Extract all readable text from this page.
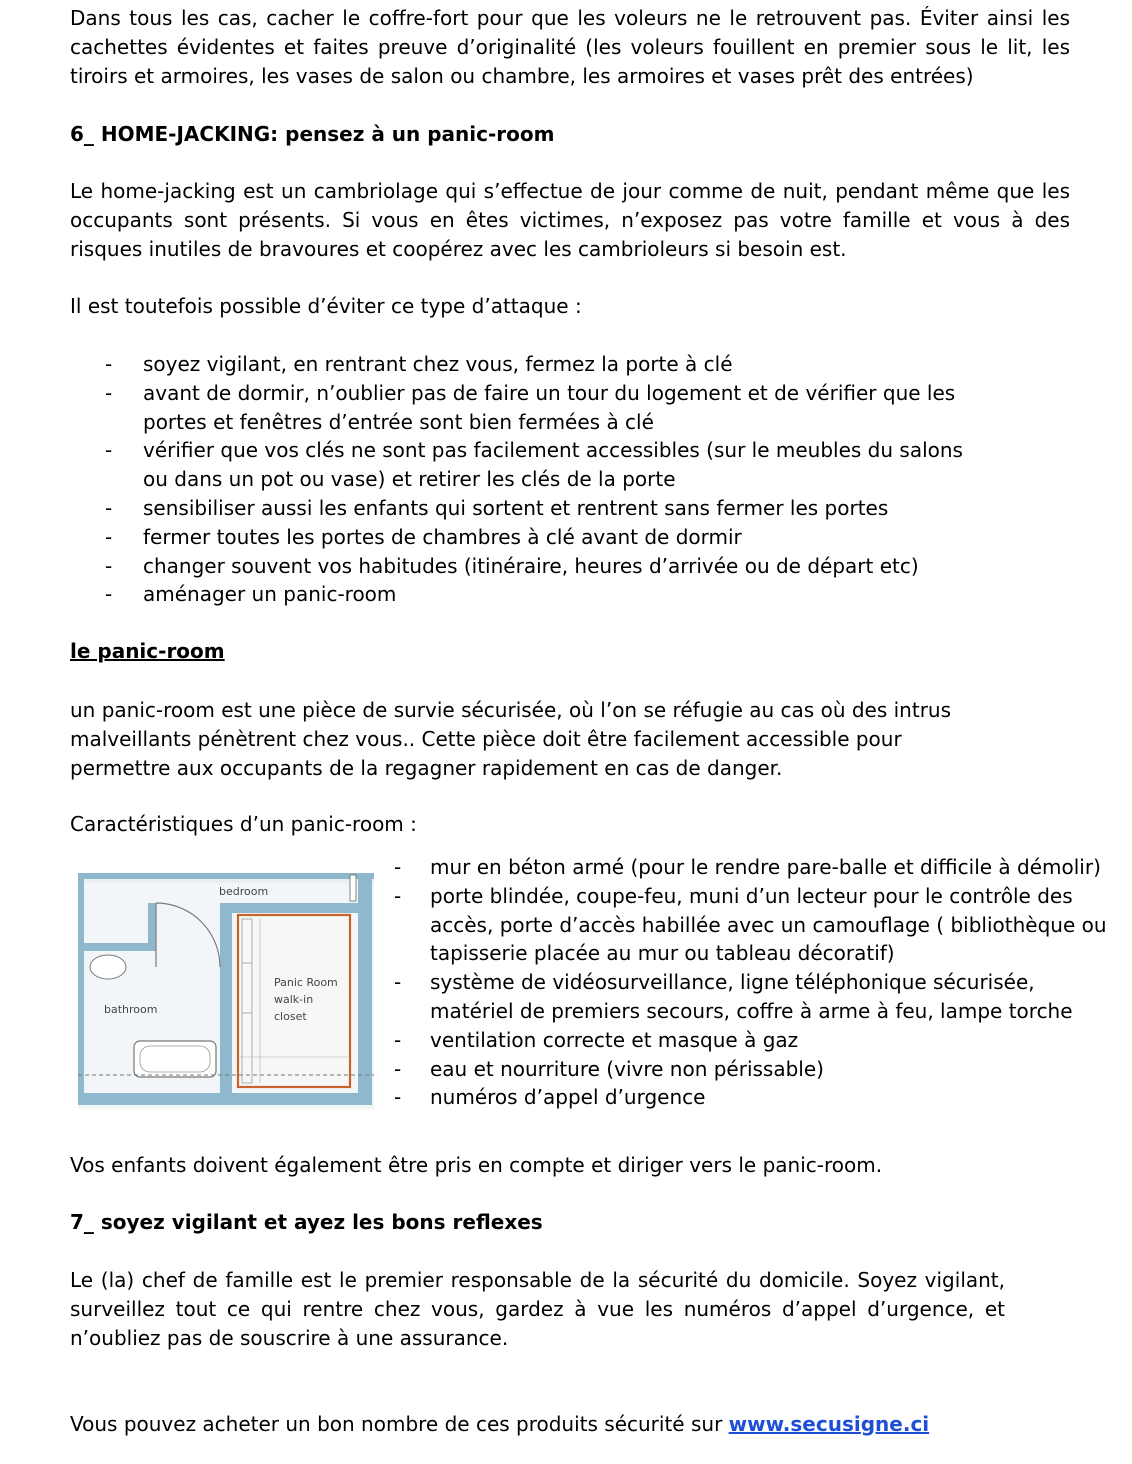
Dans tous les cas, cacher le coffre-fort pour que les voleurs ne le retrouvent pas. Éviter ainsi les cachettes évidentes et faites preuve d’originalité (les voleurs fouillent en premier sous le lit, les tiroirs et armoires, les vases de salon ou chambre, les armoires et vases prêt des entrées)

6_ HOME-JACKING: pensez à un panic-room

Le home-jacking est un cambriolage qui s’effectue de jour comme de nuit, pendant même que les occupants sont présents. Si vous en êtes victimes, n’exposez pas votre famille et vous à des risques inutiles de bravoures et coopérez avec les cambrioleurs si besoin est.

Il est toutefois possible d’éviter ce type d’attaque :

- soyez vigilant, en rentrant chez vous, fermez la porte à clé
- avant de dormir, n’oublier pas de faire un tour du logement et de vérifier que les portes et fenêtres d’entrée sont bien fermées à clé
- vérifier que vos clés ne sont pas facilement accessibles (sur le meubles du salons ou dans un pot ou vase) et retirer les clés de la porte
- sensibiliser aussi les enfants qui sortent et rentrent sans fermer les portes
- fermer toutes les portes de chambres à clé avant de dormir
- changer souvent vos habitudes (itinéraire, heures d’arrivée ou de départ etc)
- aménager un panic-room

le panic-room

un panic-room est une pièce de survie sécurisée, où l’on se réfugie au cas où des intrus malveillants pénètrent chez vous.. Cette pièce doit être facilement accessible pour permettre aux occupants de la regagner rapidement en cas de danger.

Caractéristiques d’un panic-room :

bedroom
bathroom
Panic Room
walk-in
closet
- mur en béton armé (pour le rendre pare-balle et difficile à démolir)
- porte blindée, coupe-feu, muni d’un lecteur pour le contrôle des accès, porte d’accès habillée avec un camouflage ( bibliothèque ou tapisserie placée au mur ou tableau décoratif)
- système de vidéosurveillance, ligne téléphonique sécurisée, matériel de premiers secours, coffre à arme à feu, lampe torche
- ventilation correcte et masque à gaz
- eau et nourriture (vivre non périssable)
- numéros d’appel d’urgence

Vos enfants doivent également être pris en compte et diriger vers le panic-room.

7_ soyez vigilant et ayez les bons reflexes

Le (la) chef de famille est le premier responsable de la sécurité du domicile. Soyez vigilant, surveillez tout ce qui rentre chez vous, gardez à vue les numéros d’appel d’urgence, et n’oubliez pas de souscrire à une assurance.

Vous pouvez acheter un bon nombre de ces produits sécurité sur www.secusigne.ci
